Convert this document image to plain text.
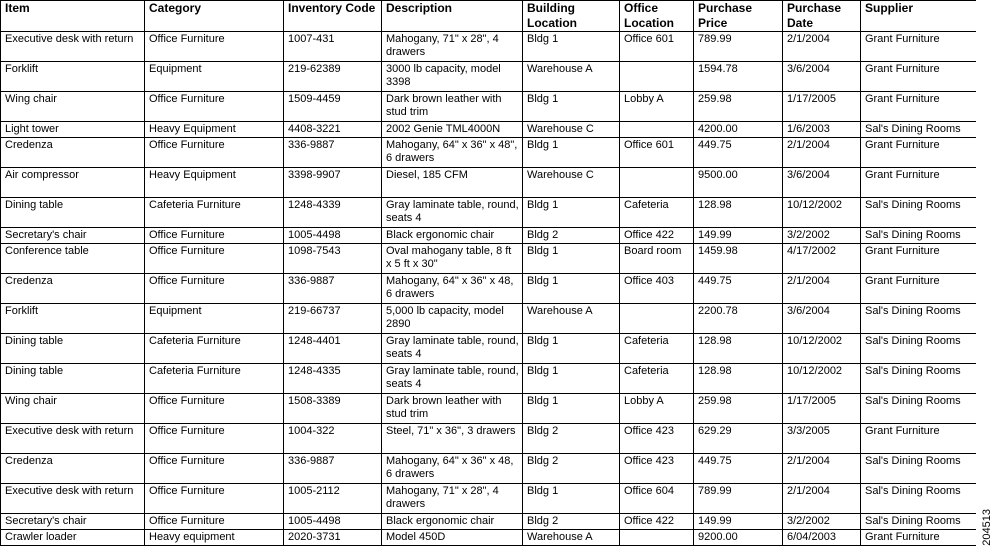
Item	Category	Inventory Code	Description	Building Location	Office Location	Purchase Price	Purchase Date	Supplier
Executive desk with return	Office Furniture	1007-431	Mahogany, 71" x 28", 4 drawers	Bldg 1	Office 601	789.99	2/1/2004	Grant Furniture
Forklift	Equipment	219-62389	3000 lb capacity, model 3398	Warehouse A		1594.78	3/6/2004	Grant Furniture
Wing chair	Office Furniture	1509-4459	Dark brown leather with stud trim	Bldg 1	Lobby A	259.98	1/17/2005	Grant Furniture
Light tower	Heavy Equipment	4408-3221	2002 Genie TML4000N	Warehouse C		4200.00	1/6/2003	Sal's Dining Rooms
Credenza	Office Furniture	336-9887	Mahogany, 64" x 36" x 48", 6 drawers	Bldg 1	Office 601	449.75	2/1/2004	Grant Furniture
Air compressor	Heavy Equipment	3398-9907	Diesel, 185 CFM	Warehouse C		9500.00	3/6/2004	Grant Furniture
Dining table	Cafeteria Furniture	1248-4339	Gray laminate table, round, seats 4	Bldg 1	Cafeteria	128.98	10/12/2002	Sal's Dining Rooms
Secretary's chair	Office Furniture	1005-4498	Black ergonomic chair	Bldg 2	Office 422	149.99	3/2/2002	Sal's Dining Rooms
Conference table	Office Furniture	1098-7543	Oval mahogany table, 8 ft x 5 ft x 30"	Bldg 1	Board room	1459.98	4/17/2002	Grant Furniture
Credenza	Office Furniture	336-9887	Mahogany, 64" x 36" x 48, 6 drawers	Bldg 1	Office 403	449.75	2/1/2004	Grant Furniture
Forklift	Equipment	219-66737	5,000 lb capacity, model 2890	Warehouse A		2200.78	3/6/2004	Sal's Dining Rooms
Dining table	Cafeteria Furniture	1248-4401	Gray laminate table, round, seats 4	Bldg 1	Cafeteria	128.98	10/12/2002	Sal's Dining Rooms
Dining table	Cafeteria Furniture	1248-4335	Gray laminate table, round, seats 4	Bldg 1	Cafeteria	128.98	10/12/2002	Sal's Dining Rooms
Wing chair	Office Furniture	1508-3389	Dark brown leather with stud trim	Bldg 1	Lobby A	259.98	1/17/2005	Sal's Dining Rooms
Executive desk with return	Office Furniture	1004-322	Steel, 71" x 36", 3 drawers	Bldg 2	Office 423	629.29	3/3/2005	Grant Furniture
Credenza	Office Furniture	336-9887	Mahogany, 64" x 36" x 48, 6 drawers	Bldg 2	Office 423	449.75	2/1/2004	Sal's Dining Rooms
Executive desk with return	Office Furniture	1005-2112	Mahogany, 71" x 28", 4 drawers	Bldg 1	Office 604	789.99	2/1/2004	Sal's Dining Rooms
Secretary's chair	Office Furniture	1005-4498	Black ergonomic chair	Bldg 2	Office 422	149.99	3/2/2002	Sal's Dining Rooms
Crawler loader	Heavy equipment	2020-3731	Model 450D	Warehouse A		9200.00	6/04/2003	Grant Furniture	204513
